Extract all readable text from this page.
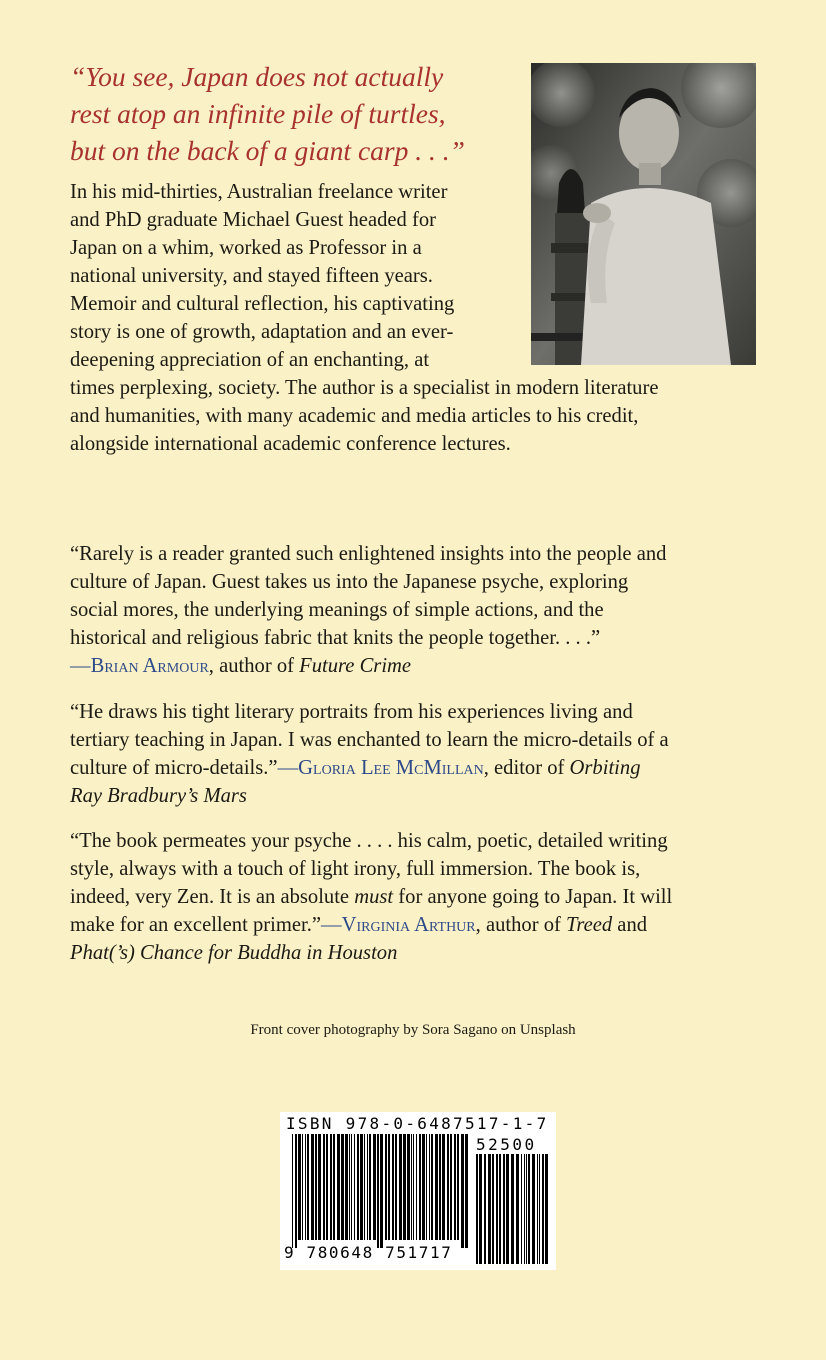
“You see, Japan does not actually
rest atop an infinite pile of turtles,
but on the back of a giant carp . . .”
In his mid-thirties, Australian freelance writer
and PhD graduate Michael Guest headed for
Japan on a whim, worked as Professor in a
national university, and stayed fifteen years.
Memoir and cultural reflection, his captivating
story is one of growth, adaptation and an ever-
deepening appreciation of an enchanting, at
times perplexing, society. The author is a specialist in modern literature
and humanities, with many academic and media articles to his credit,
alongside international academic conference lectures.
“Rarely is a reader granted such enlightened insights into the people and
culture of Japan. Guest takes us into the Japanese psyche, exploring
social mores, the underlying meanings of simple actions, and the
historical and religious fabric that knits the people together. . . .”
—Brian Armour, author of Future Crime
“He draws his tight literary portraits from his experiences living and
tertiary teaching in Japan. I was enchanted to learn the micro-details of a
culture of micro-details.”—Gloria Lee McMillan, editor of Orbiting
Ray Bradbury’s Mars
“The book permeates your psyche . . . . his calm, poetic, detailed writing
style, always with a touch of light irony, full immersion. The book is,
indeed, very Zen. It is an absolute must for anyone going to Japan. It will
make for an excellent primer.”—Virginia Arthur, author of Treed and
Phat(’s) Chance for Buddha in Houston
Front cover photography by Sora Sagano on Unsplash
ISBN 978-0-6487517-1-7
52500
9 780648 751717
